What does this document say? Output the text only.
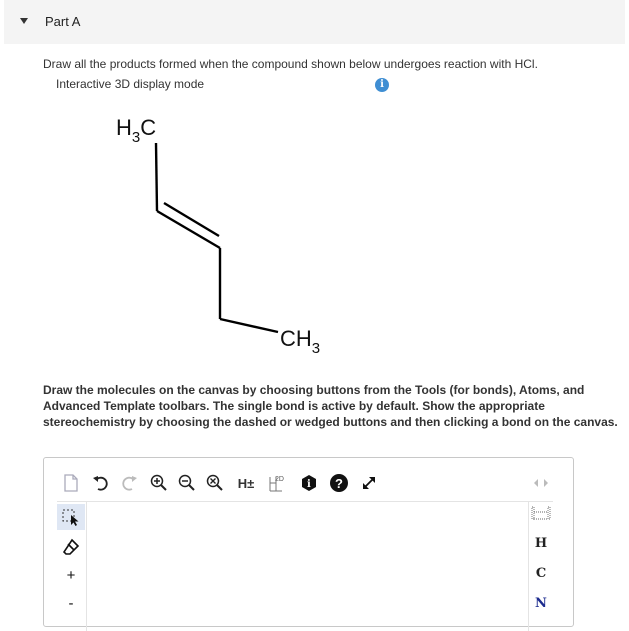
Part A
Draw all the products formed when the compound shown below undergoes reaction with HCl.
Interactive 3D display mode	i
$H_3C$
$CH_3$
Draw the molecules on the canvas by choosing buttons from the Tools (for bonds), Atoms, and Advanced Template toolbars. The single bond is active by default. Show the appropriate stereochemistry by choosing the dashed or wedged buttons and then clicking a bond on the canvas.
H±	2D i ?
+
-
H
C
N
